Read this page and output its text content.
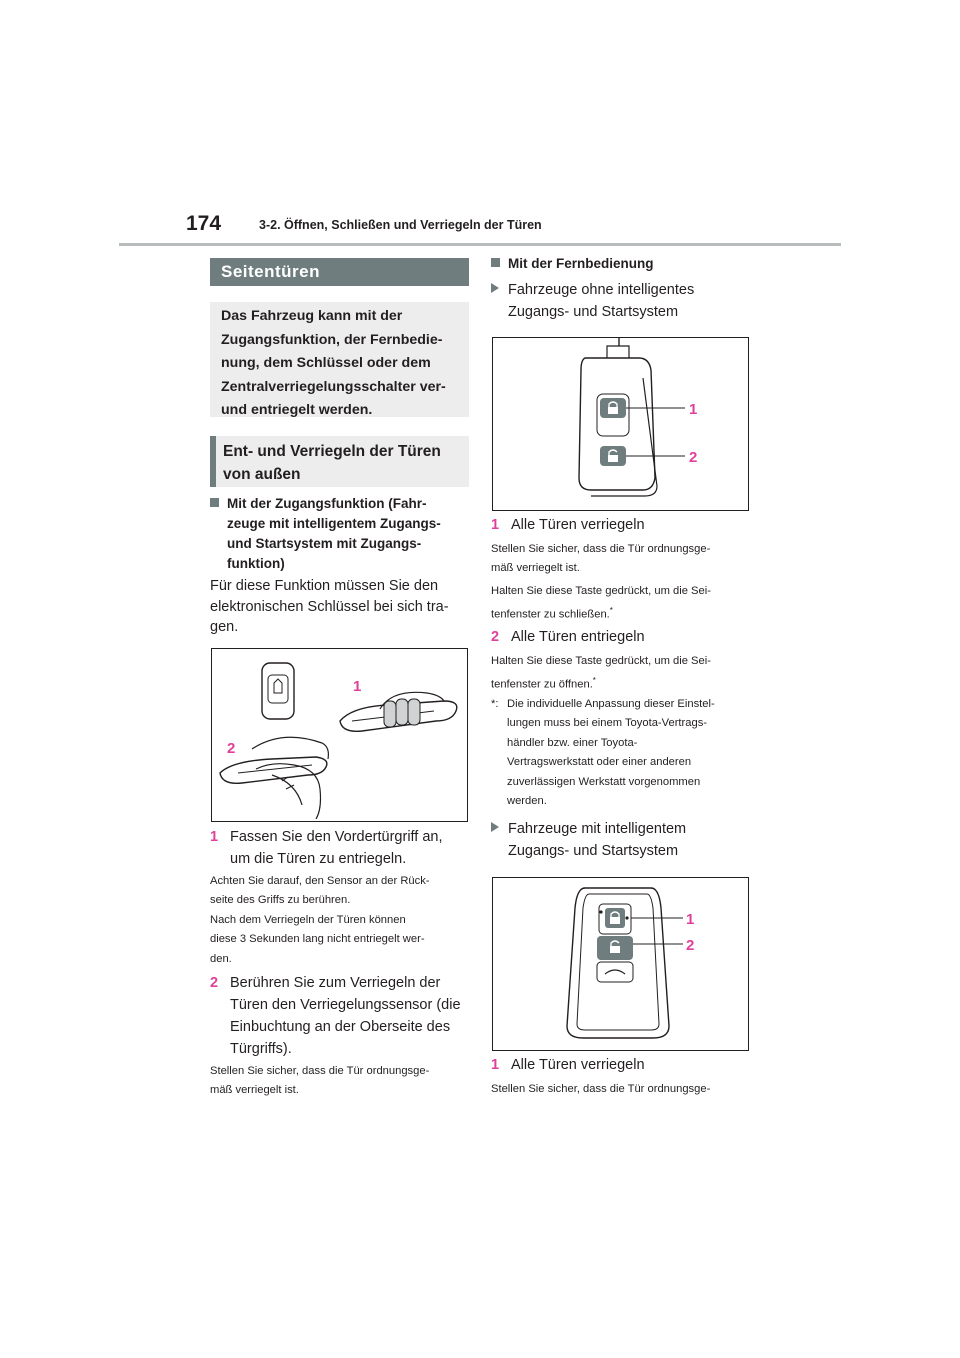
174	3-2. Öffnen, Schließen und Verriegeln der Türen
Seitentüren
Das Fahrzeug kann mit der
Zugangsfunktion, der Fernbedie-
nung, dem Schlüssel oder dem
Zentralverriegelungsschalter ver-
und entriegelt werden.
Ent- und Verriegeln der Türen
von außen
Mit der Zugangsfunktion (Fahr-
zeuge mit intelligentem Zugangs-
und Startsystem mit Zugangs-
funktion)
Für diese Funktion müssen Sie den
elektronischen Schlüssel bei sich tra-
gen.
1
2
1 Fassen Sie den Vordertürgriff an,
um die Türen zu entriegeln.
Achten Sie darauf, den Sensor an der Rück-
seite des Griffs zu berühren.
Nach dem Verriegeln der Türen können
diese 3 Sekunden lang nicht entriegelt wer-
den.
2 Berühren Sie zum Verriegeln der
Türen den Verriegelungssensor (die
Einbuchtung an der Oberseite des
Türgriffs).
Stellen Sie sicher, dass die Tür ordnungsge-
mäß verriegelt ist.
Mit der Fernbedienung
Fahrzeuge ohne intelligentes
Zugangs- und Startsystem
1
2
1 Alle Türen verriegeln
Stellen Sie sicher, dass die Tür ordnungsge-
mäß verriegelt ist.
Halten Sie diese Taste gedrückt, um die Sei-
tenfenster zu schließen.*
2 Alle Türen entriegeln
Halten Sie diese Taste gedrückt, um die Sei-
tenfenster zu öffnen.*
*: Die individuelle Anpassung dieser Einstel-
lungen muss bei einem Toyota-Vertrags-
händler bzw. einer Toyota-
Vertragswerkstatt oder einer anderen
zuverlässigen Werkstatt vorgenommen
werden.
Fahrzeuge mit intelligentem
Zugangs- und Startsystem
1
2
1 Alle Türen verriegeln
Stellen Sie sicher, dass die Tür ordnungsge-
